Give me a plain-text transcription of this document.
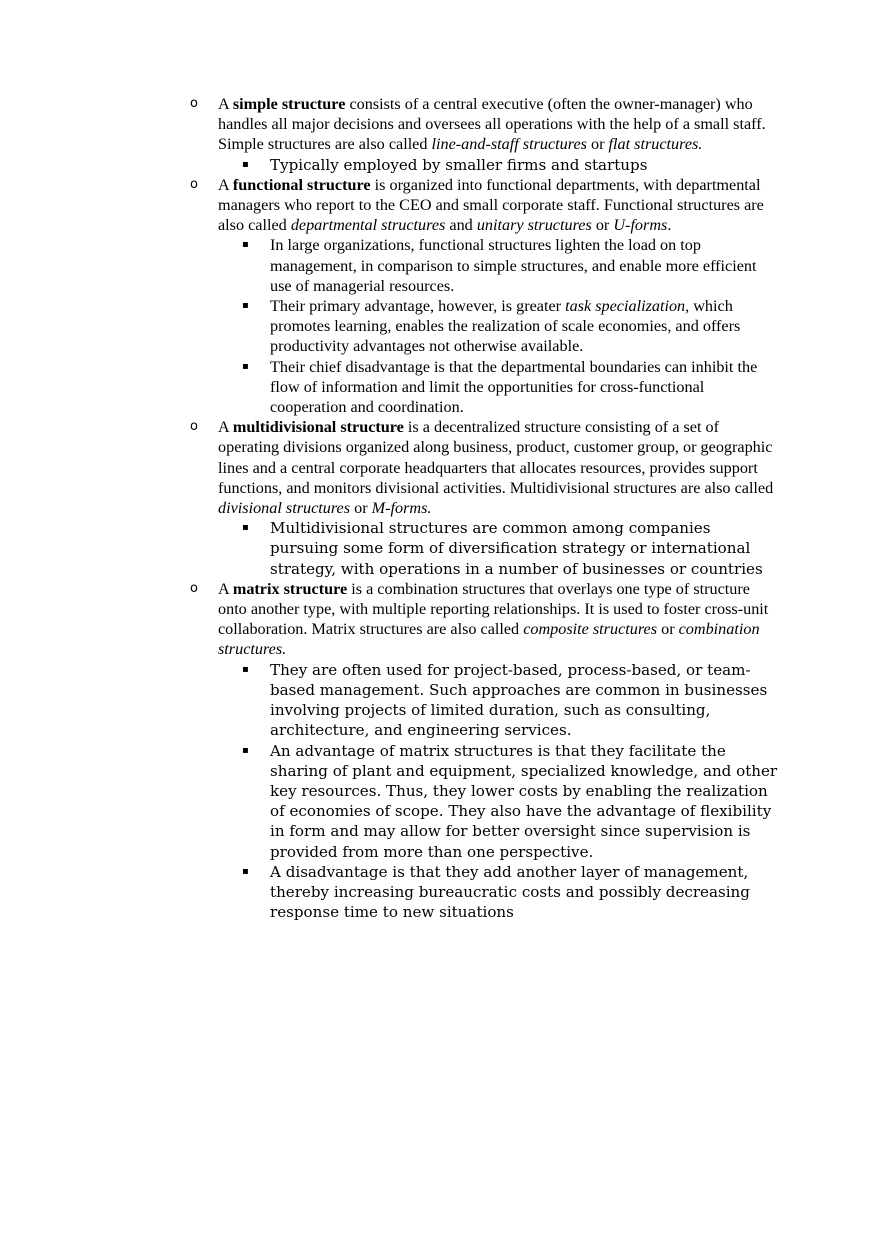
o	A simple structure consists of a central executive (often the owner-manager) who handles all major decisions and oversees all operations with the help of a small staff. Simple structures are also called line-and-staff structures or flat structures.
▪	Typically employed by smaller firms and startups
o	A functional structure is organized into functional departments, with departmental managers who report to the CEO and small corporate staff. Functional structures are also called departmental structures and unitary structures or U-forms.
▪	In large organizations, functional structures lighten the load on top management, in comparison to simple structures, and enable more efficient use of managerial resources.
▪	Their primary advantage, however, is greater task specialization, which promotes learning, enables the realization of scale economies, and offers productivity advantages not otherwise available.
▪	Their chief disadvantage is that the departmental boundaries can inhibit the flow of information and limit the opportunities for cross-functional cooperation and coordination.
o	A multidivisional structure is a decentralized structure consisting of a set of operating divisions organized along business, product, customer group, or geographic lines and a central corporate headquarters that allocates resources, provides support functions, and monitors divisional activities. Multidivisional structures are also called divisional structures or M-forms.
▪	Multidivisional structures are common among companies pursuing some form of diversification strategy or international strategy, with operations in a number of businesses or countries
o	A matrix structure is a combination structures that overlays one type of structure onto another type, with multiple reporting relationships. It is used to foster cross-unit collaboration. Matrix structures are also called composite structures or combination structures.
▪	They are often used for project-based, process-based, or team-based management. Such approaches are common in businesses involving projects of limited duration, such as consulting, architecture, and engineering services.
▪	An advantage of matrix structures is that they facilitate the sharing of plant and equipment, specialized knowledge, and other key resources. Thus, they lower costs by enabling the realization of economies of scope. They also have the advantage of flexibility in form and may allow for better oversight since supervision is provided from more than one perspective.
▪	A disadvantage is that they add another layer of management, thereby increasing bureaucratic costs and possibly decreasing response time to new situations
